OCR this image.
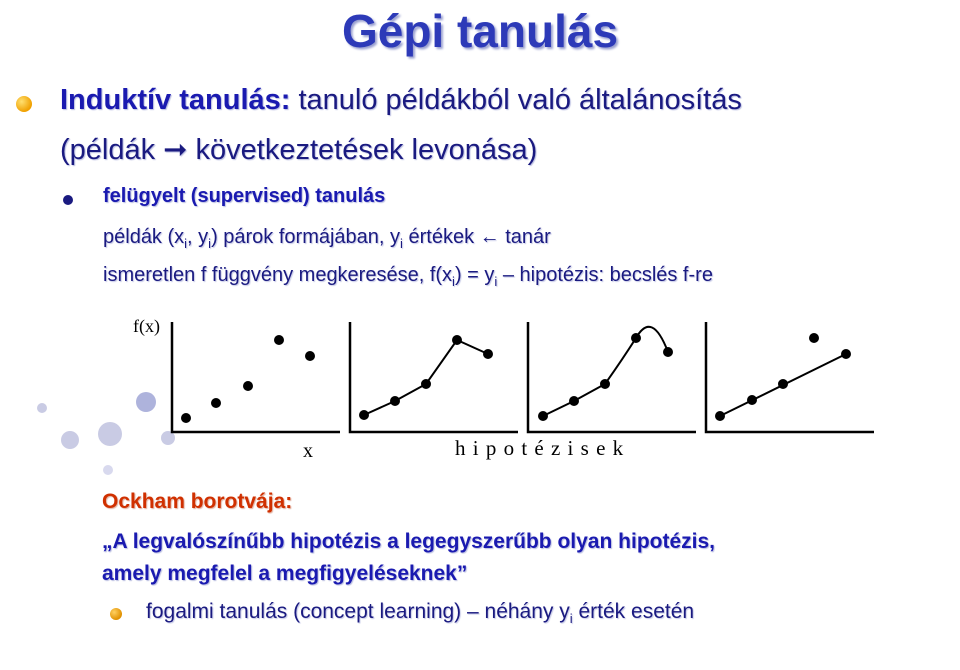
Gépi tanulás
Induktív tanulás: tanuló példákból való általánosítás
(példák ➞ következtetések levonása)
felügyelt (supervised) tanulás
példák ($x_i$, $y_i$) párok formájában, $y_i$ értékek ← tanár
ismeretlen f függvény megkeresése, $f(x_i) = y_i$ – hipotézis: becslés f-re
f(x)
x	h i p o t é z i s e k
Ockham borotvája:
„A legvalószínűbb hipotézis a legegyszerűbb olyan hipotézis,
amely megfelel a megfigyeléseknek”
fogalmi tanulás (concept learning) – néhány $y_i$ érték esetén
